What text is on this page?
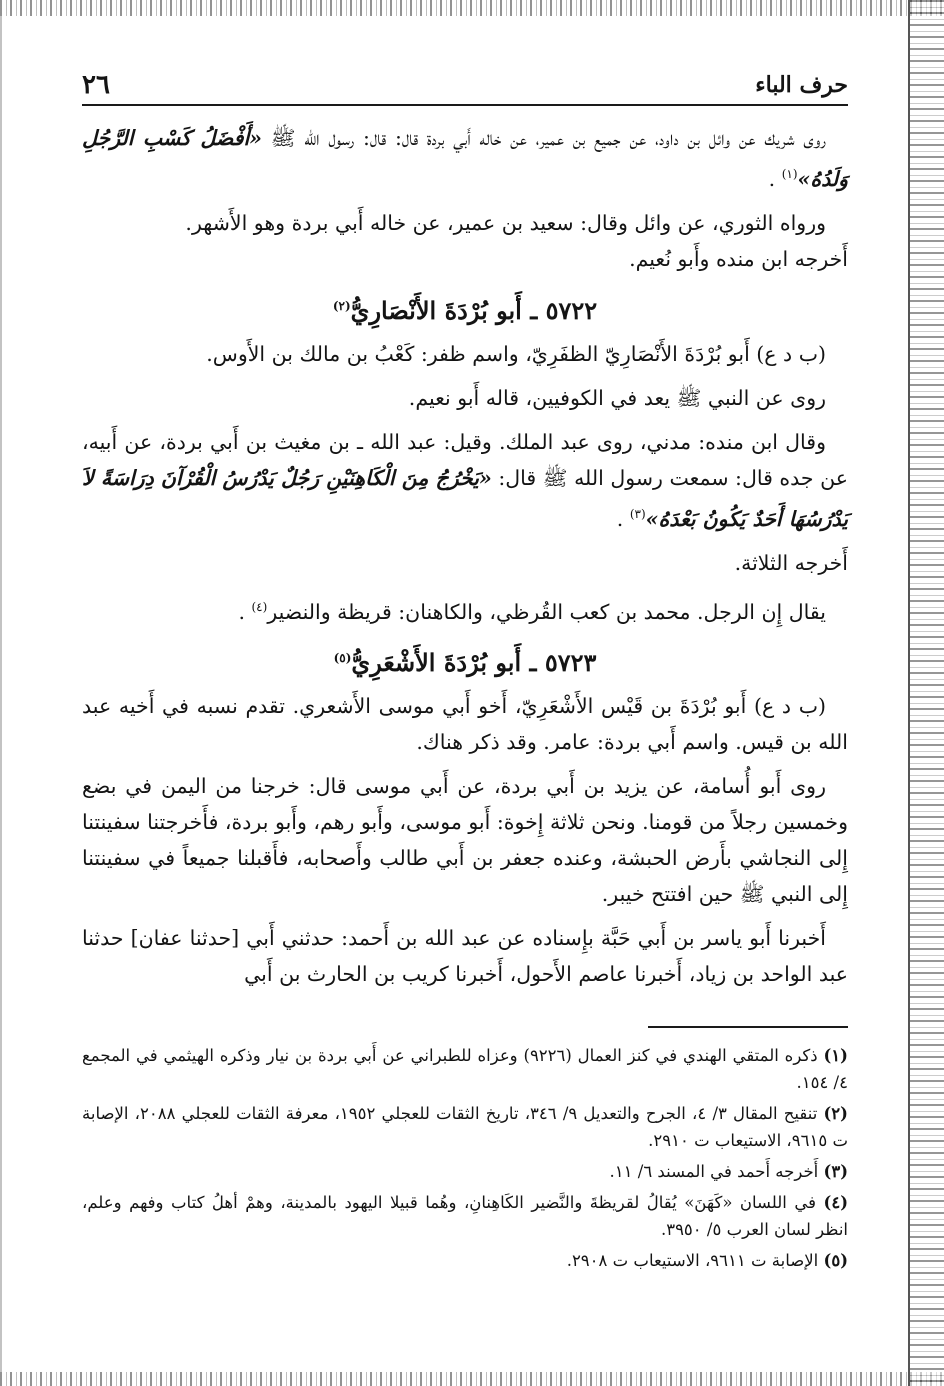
حرف الباء
٢٦

روى شريك عن وائل بن داود، عن جميع بن عمير، عن خاله أَبي بردة قال: قال: رسول الله ﷺ «أَفْضَلُ كَسْبِ الرَّجُلِ وَلَدُهُ»$^{(١)}$ .

ورواه الثوري، عن وائل وقال: سعيد بن عمير، عن خاله أَبي بردة وهو الأَشهر.

أَخرجه ابن منده وأَبو نُعيم.

٥٧٢٢ ـ أَبو بُرْدَةَ الأَنْصَارِيُّ$^{(٢)}$

(ب د ع) أَبو بُرْدَةَ الأَنْصَارِيّ الظفَرِيّ، واسم ظفر: كَعْبُ بن مالك بن الأَوس.

روى عن النبي ﷺ يعد في الكوفيين، قاله أَبو نعيم.

وقال ابن منده: مدني، روى عبد الملك. وقيل: عبد الله ـ بن مغيث بن أَبي بردة، عن أَبيه، عن جده قال: سمعت رسول الله ﷺ قال: «يَخْرُجُ مِنَ الْكَاهِنَيْنِ رَجُلٌ يَدْرُسُ الْقُرْآنَ دِرَاسَةً لاَ يَدْرُسُهَا أَحَدٌ يَكُونُ بَعْدَهُ»$^{(٣)}$ .

أَخرجه الثلاثة.

يقال إِن الرجل. محمد بن كعب القُرظي، والكاهنان: قريظة والنضير$^{(٤)}$ .

٥٧٢٣ ـ أَبو بُرْدَةَ الأَشْعَرِيُّ$^{(٥)}$

(ب د ع) أَبو بُرْدَةَ بن قَيْس الأَشْعَرِيّ، أَخو أَبي موسى الأَشعري. تقدم نسبه في أَخيه عبد الله بن قيس. واسم أَبي بردة: عامر. وقد ذكر هناك.

روى أَبو أُسامة، عن يزيد بن أَبي بردة، عن أَبي موسى قال: خرجنا من اليمن في بضع وخمسين رجلاً من قومنا. ونحن ثلاثة إِخوة: أَبو موسى، وأَبو رهم، وأَبو بردة، فأَخرجتنا سفينتنا إِلى النجاشي بأَرض الحبشة، وعنده جعفر بن أَبي طالب وأَصحابه، فأَقبلنا جميعاً في سفينتنا إِلى النبي ﷺ حين افتتح خيبر.

أَخبرنا أَبو ياسر بن أَبي حَبَّة بإِسناده عن عبد الله بن أَحمد: حدثني أَبي [حدثنا عفان] حدثنا عبد الواحد بن زياد، أَخبرنا عاصم الأَحول، أَخبرنا كريب بن الحارث بن أَبي

(١) ذكره المتقي الهندي في كنز العمال (٩٢٢٦) وعزاه للطبراني عن أَبي بردة بن نيار وذكره الهيثمي في المجمع ٤/ ١٥٤.
(٢) تنقيح المقال ٣/ ٤، الجرح والتعديل ٩/ ٣٤٦، تاريخ الثقات للعجلي ١٩٥٢، معرفة الثقات للعجلي ٢٠٨٨، الإصابة ت ٩٦١٥، الاستيعاب ت ٢٩١٠.
(٣) أَخرجه أَحمد في المسند ٦/ ١١.
(٤) في اللسان «كَهَنَ» يُقالُ لقريظةَ والنَّضير الكَاهِنانِ، وهُما قبيلا اليهود بالمدينة، وهمْ أهلُ كتاب وفهم وعلم، انظر لسان العرب ٥/ ٣٩٥٠.
(٥) الإصابة ت ٩٦١١، الاستيعاب ت ٢٩٠٨.
